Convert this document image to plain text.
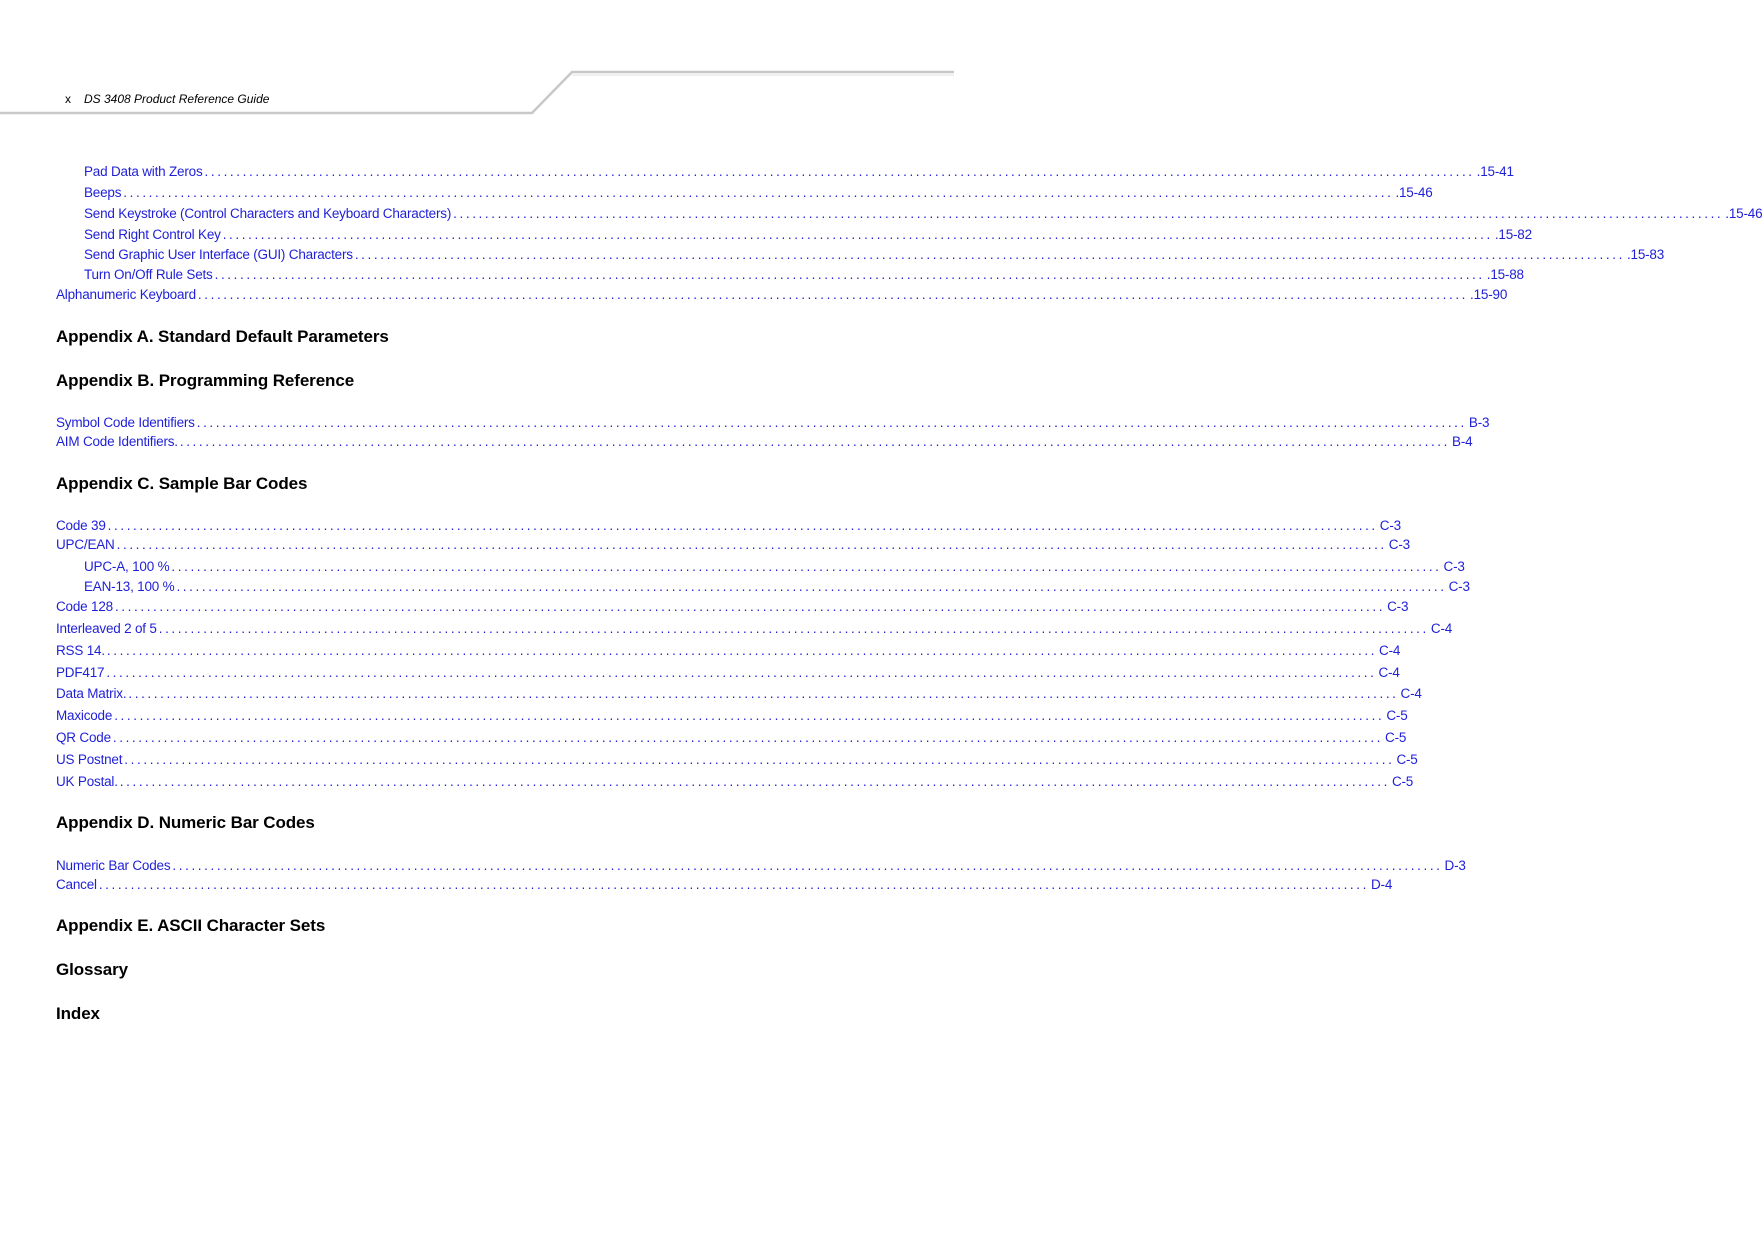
x DS 3408 Product Reference Guide
Pad Data with Zeros ........................................................................................................................................................................................................ .15-41
Beeps ........................................................................................................................................................................................................ .15-46
Send Keystroke (Control Characters and Keyboard Characters) ........................................................................................................................................................................................................ .15-46
Send Right Control Key ........................................................................................................................................................................................................ .15-82
Send Graphic User Interface (GUI) Characters ........................................................................................................................................................................................................ .15-83
Turn On/Off Rule Sets ........................................................................................................................................................................................................ .15-88
Alphanumeric Keyboard ........................................................................................................................................................................................................ .15-90
Appendix A. Standard Default Parameters
Appendix B. Programming Reference
Symbol Code Identifiers ........................................................................................................................................................................................................ B-3
AIM Code Identifiers. ........................................................................................................................................................................................................ B-4
Appendix C. Sample Bar Codes
Code 39 ........................................................................................................................................................................................................ C-3
UPC/EAN ........................................................................................................................................................................................................ C-3
UPC-A, 100 % ........................................................................................................................................................................................................ C-3
EAN-13, 100 % ........................................................................................................................................................................................................ C-3
Code 128 ........................................................................................................................................................................................................ C-3
Interleaved 2 of 5 ........................................................................................................................................................................................................ C-4
RSS 14. ........................................................................................................................................................................................................ C-4
PDF417 ........................................................................................................................................................................................................ C-4
Data Matrix. ........................................................................................................................................................................................................ C-4
Maxicode ........................................................................................................................................................................................................ C-5
QR Code ........................................................................................................................................................................................................ C-5
US Postnet ........................................................................................................................................................................................................ C-5
UK Postal. ........................................................................................................................................................................................................ C-5
Appendix D. Numeric Bar Codes
Numeric Bar Codes ........................................................................................................................................................................................................ D-3
Cancel ........................................................................................................................................................................................................ D-4
Appendix E. ASCII Character Sets
Glossary
Index
